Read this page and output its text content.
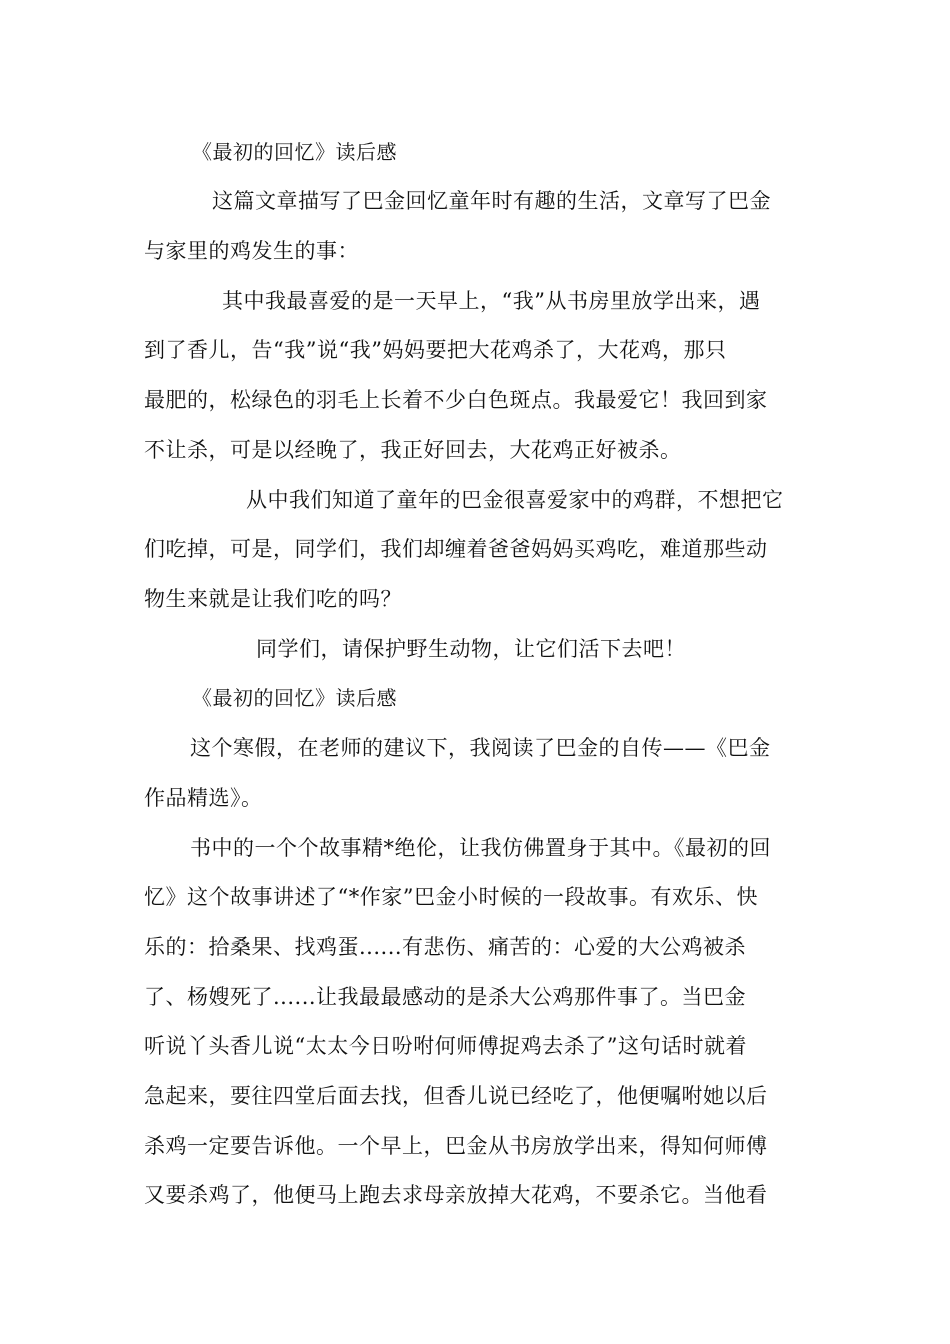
《最初的回忆》读后感
这篇文章描写了巴金回忆童年时有趣的生活，文章写了巴金
与家里的鸡发生的事：
其中我最喜爱的是一天早上，“我”从书房里放学出来，遇
到了香儿，告“我”说“我”妈妈要把大花鸡杀了，大花鸡，那只
最肥的，松绿色的羽毛上长着不少白色斑点。我最爱它！我回到家
不让杀，可是以经晚了，我正好回去，大花鸡正好被杀。
从中我们知道了童年的巴金很喜爱家中的鸡群，不想把它
们吃掉，可是，同学们，我们却缠着爸爸妈妈买鸡吃，难道那些动
物生来就是让我们吃的吗？
同学们，请保护野生动物，让它们活下去吧！
《最初的回忆》读后感
这个寒假，在老师的建议下，我阅读了巴金的自传——《巴金
作品精选》。
书中的一个个故事精*绝伦，让我仿佛置身于其中。《最初的回
忆》这个故事讲述了“*作家”巴金小时候的一段故事。有欢乐、快
乐的：拾桑果、找鸡蛋......有悲伤、痛苦的：心爱的大公鸡被杀
了、杨嫂死了......让我最最感动的是杀大公鸡那件事了。当巴金
听说丫头香儿说“太太今日吩咐何师傅捉鸡去杀了”这句话时就着
急起来，要往四堂后面去找，但香儿说已经吃了，他便嘱咐她以后
杀鸡一定要告诉他。一个早上，巴金从书房放学出来，得知何师傅
又要杀鸡了，他便马上跑去求母亲放掉大花鸡，不要杀它。当他看
